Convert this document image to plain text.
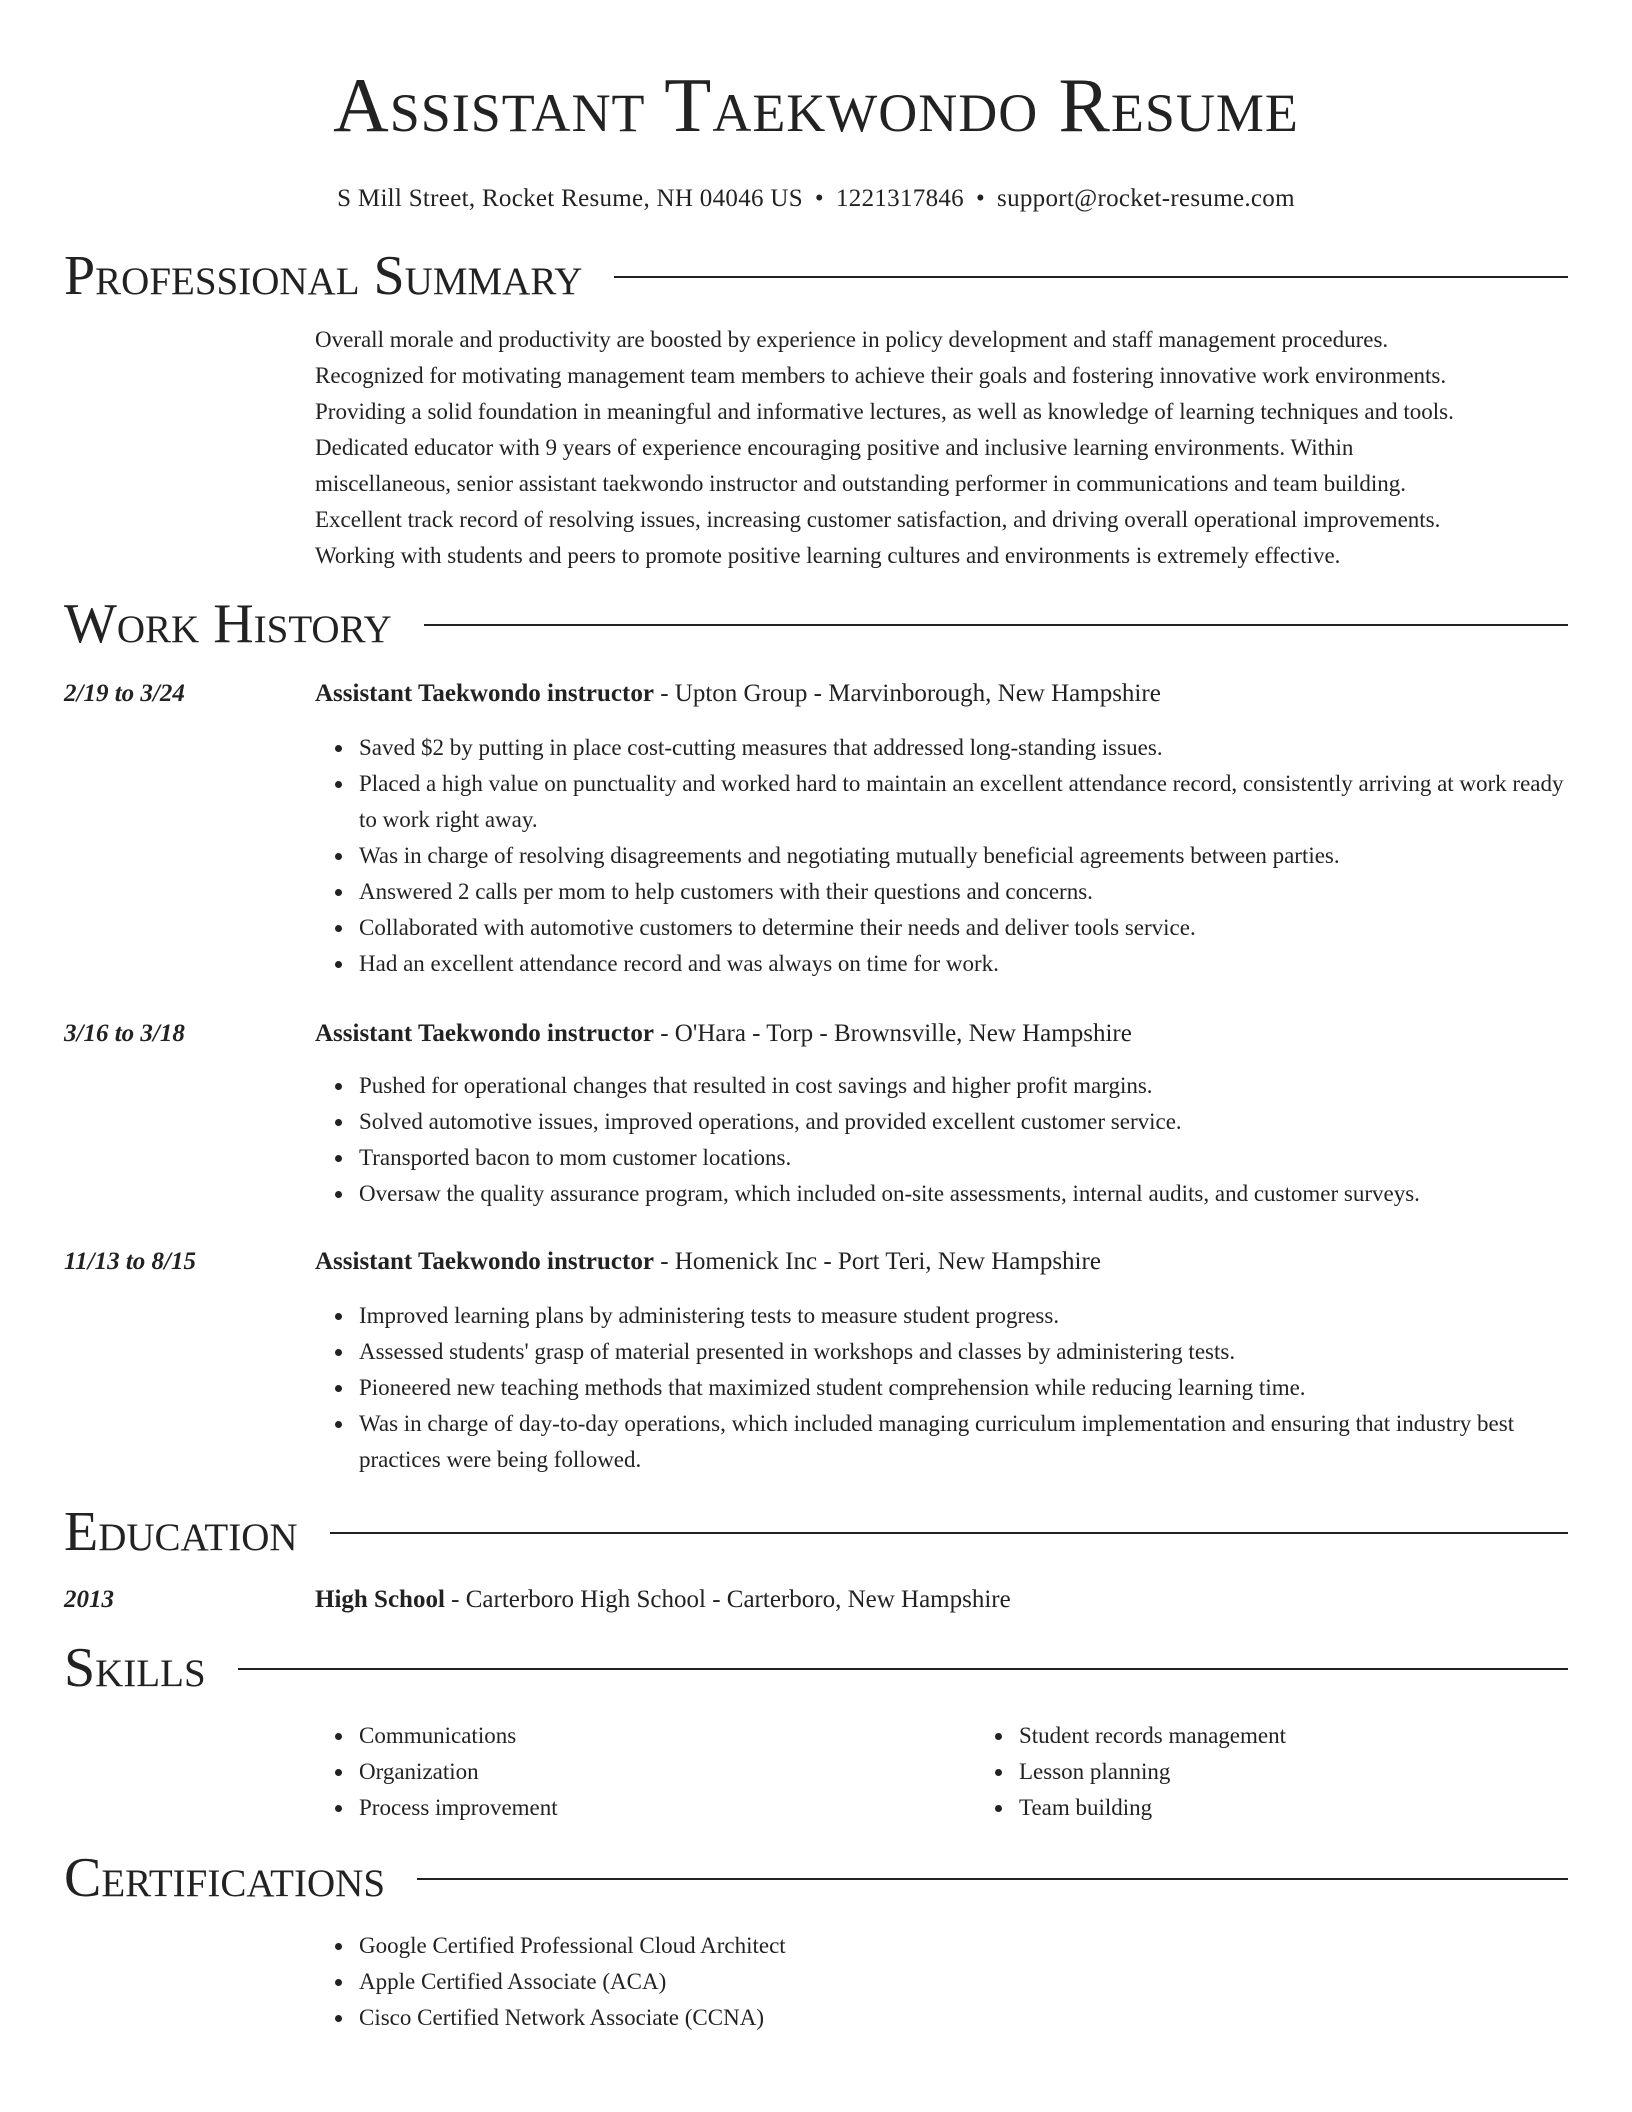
Assistant Taekwondo Resume
S Mill Street, Rocket Resume, NH 04046 US • 1221317846 • support@rocket-resume.com
Professional Summary
Overall morale and productivity are boosted by experience in policy development and staff management procedures.
Recognized for motivating management team members to achieve their goals and fostering innovative work environments.
Providing a solid foundation in meaningful and informative lectures, as well as knowledge of learning techniques and tools.
Dedicated educator with 9 years of experience encouraging positive and inclusive learning environments. Within
miscellaneous, senior assistant taekwondo instructor and outstanding performer in communications and team building.
Excellent track record of resolving issues, increasing customer satisfaction, and driving overall operational improvements.
Working with students and peers to promote positive learning cultures and environments is extremely effective.
Work History
2/19 to 3/24	Assistant Taekwondo instructor - Upton Group - Marvinborough, New Hampshire
Saved $2 by putting in place cost-cutting measures that addressed long-standing issues.
Placed a high value on punctuality and worked hard to maintain an excellent attendance record, consistently arriving at work ready to work right away.
Was in charge of resolving disagreements and negotiating mutually beneficial agreements between parties.
Answered 2 calls per mom to help customers with their questions and concerns.
Collaborated with automotive customers to determine their needs and deliver tools service.
Had an excellent attendance record and was always on time for work.
3/16 to 3/18	Assistant Taekwondo instructor - O'Hara - Torp - Brownsville, New Hampshire
Pushed for operational changes that resulted in cost savings and higher profit margins.
Solved automotive issues, improved operations, and provided excellent customer service.
Transported bacon to mom customer locations.
Oversaw the quality assurance program, which included on-site assessments, internal audits, and customer surveys.
11/13 to 8/15	Assistant Taekwondo instructor - Homenick Inc - Port Teri, New Hampshire
Improved learning plans by administering tests to measure student progress.
Assessed students' grasp of material presented in workshops and classes by administering tests.
Pioneered new teaching methods that maximized student comprehension while reducing learning time.
Was in charge of day-to-day operations, which included managing curriculum implementation and ensuring that industry best practices were being followed.
Education
2013	High School - Carterboro High School - Carterboro, New Hampshire
Skills
Communications
Organization
Process improvement
Student records management
Lesson planning
Team building
Certifications
Google Certified Professional Cloud Architect
Apple Certified Associate (ACA)
Cisco Certified Network Associate (CCNA)
